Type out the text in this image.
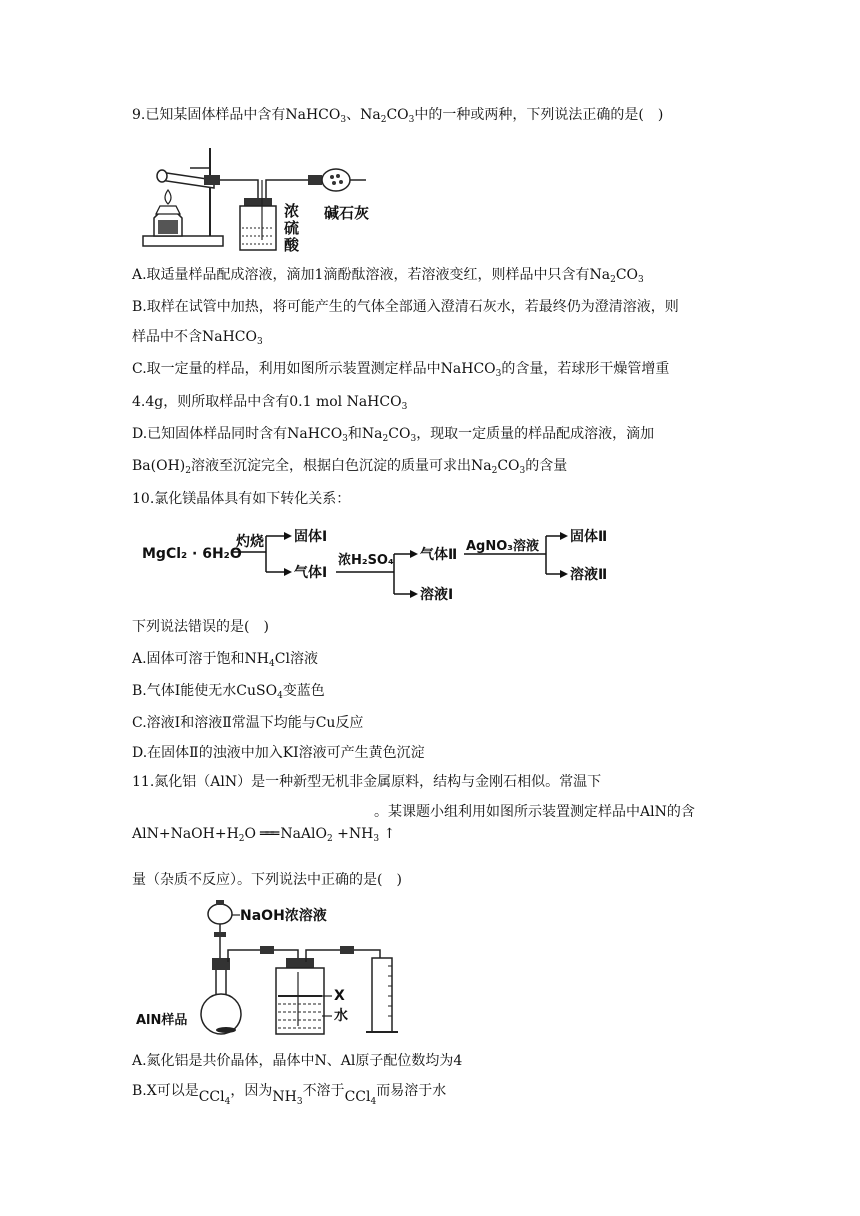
9.已知某固体样品中含有NaHCO$_3$、$Na_2CO_3$中的一种或两种，下列说法正确的是(　)
浓
硫
酸
碱石灰
A.取适量样品配成溶液，滴加1滴酚酞溶液，若溶液变红，则样品中只含有$Na_2CO_3$
B.取样在试管中加热，将可能产生的气体全部通入澄清石灰水，若最终仍为澄清溶液，则
样品中不含NaHCO$_3$
C.取一定量的样品，利用如图所示装置测定样品中NaHCO$_3$的含量，若球形干燥管增重
4.4g，则所取样品中含有0.1 mol NaHCO$_3$
D.已知固体样品同时含有NaHCO$_3$和$Na_2CO_3$，现取一定质量的样品配成溶液，滴加
$Ba(OH)_2$溶液至沉淀完全，根据白色沉淀的质量可求出$Na_2CO_3$的含量
10.氯化镁晶体具有如下转化关系：
MgCl₂ · 6H₂O
灼烧 固体Ⅰ
气体Ⅰ
浓H₂SO₄ 气体Ⅱ
溶液Ⅰ
AgNO₃溶液
固体Ⅱ
溶液Ⅱ
下列说法错误的是(　)
A.固体可溶于饱和$NH_4Cl$溶液
B.气体Ⅰ能使无水CuSO$_4$变蓝色
C.溶液Ⅰ和溶液Ⅱ常温下均能与Cu反应
D.在固体Ⅱ的浊液中加入KI溶液可产生黄色沉淀
11.氮化铝（AlN）是一种新型无机非金属原料，结构与金刚石相似。常温下
。某课题小组利用如图所示装置测定样品中AlN的含
$AlN+NaOH+H_2O$ ═══ NaAlO$_2$ $+NH_3$ ↑
量（杂质不反应）。下列说法中正确的是(　)
NaOH浓溶液
AlN样品
X
水
A.氮化铝是共价晶体，晶体中N、Al原子配位数均为4
B.X可以是CCl$_4$，因为$NH_3$不溶于CCl$_4$而易溶于水
